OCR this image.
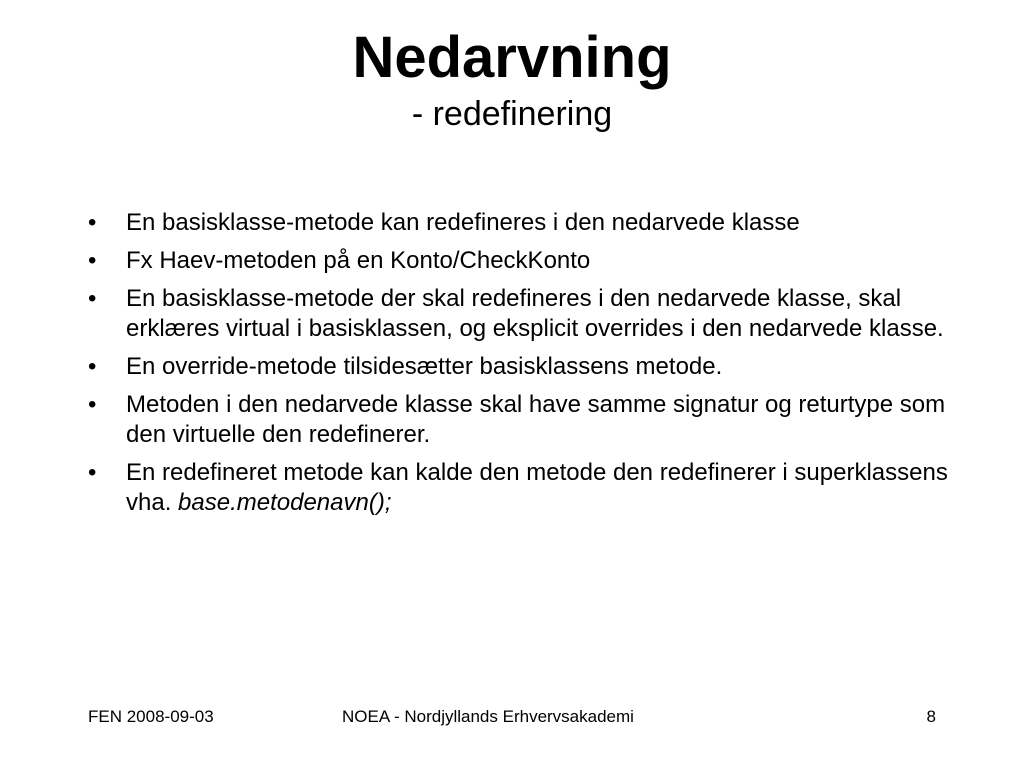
Nedarvning
- redefinering
• En basisklasse-metode kan redefineres i den nedarvede klasse
• Fx Haev-metoden på en Konto/CheckKonto
• En basisklasse-metode der skal redefineres i den nedarvede klasse, skal erklæres virtual i basisklassen, og eksplicit overrides i den nedarvede klasse.
• En override-metode tilsidesætter basisklassens metode.
• Metoden i den nedarvede klasse skal have samme signatur og returtype som den virtuelle den redefinerer.
• En redefineret metode kan kalde den metode den redefinerer i superklassens vha. base.metodenavn();
FEN 2008-09-03	NOEA - Nordjyllands Erhvervsakademi	8
